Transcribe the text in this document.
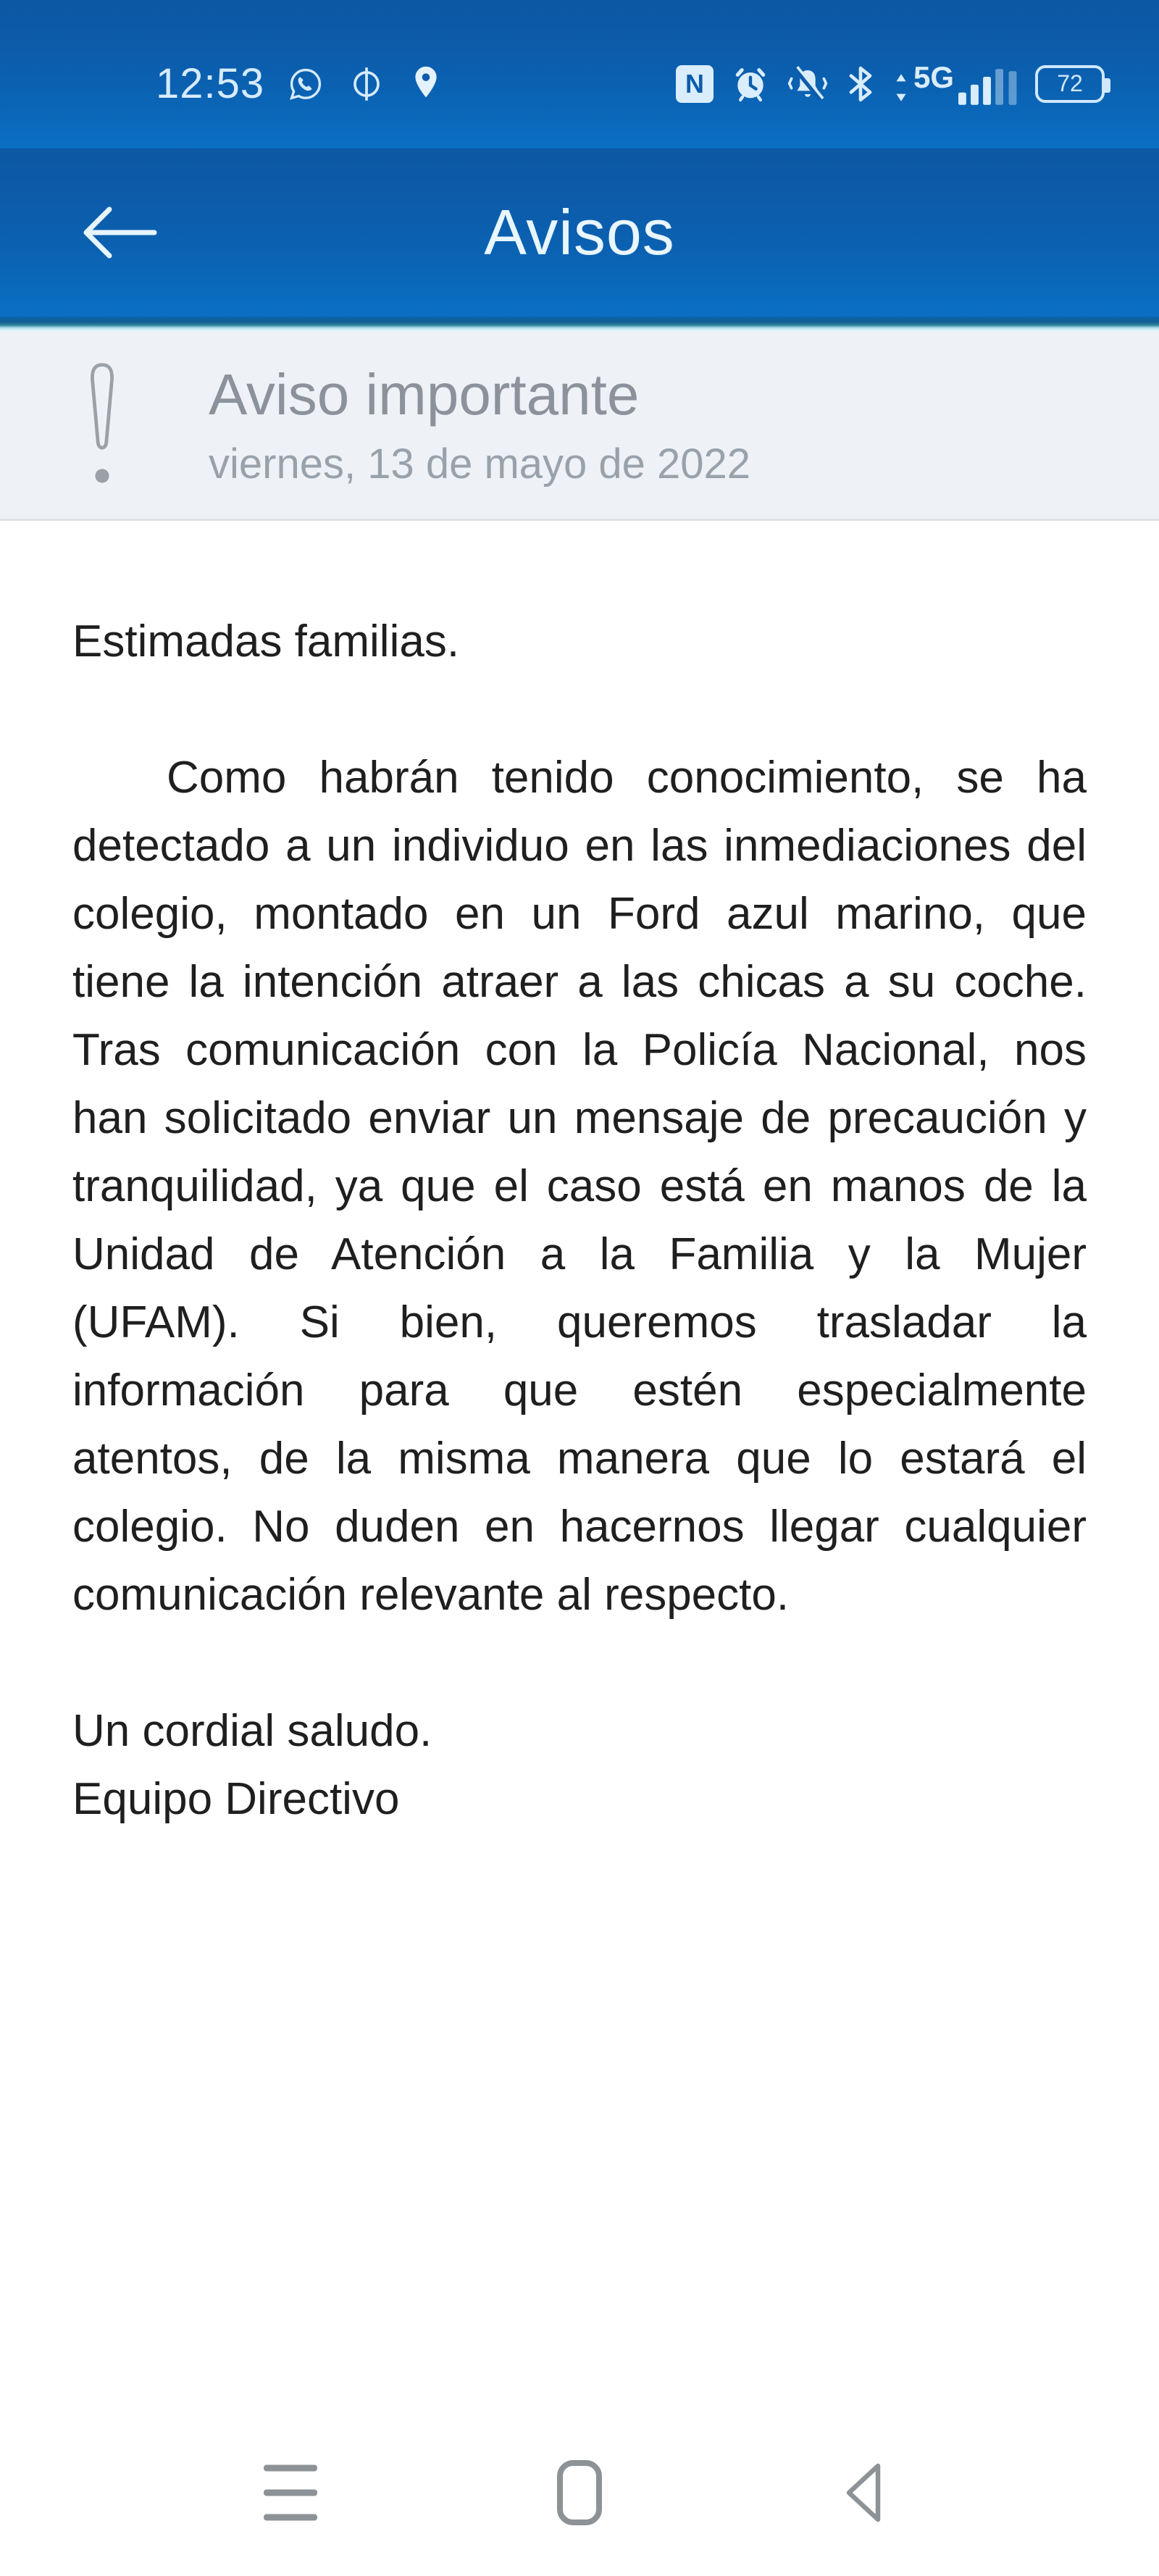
12:53	N	5G	72
Avisos
Aviso importante
viernes, 13 de mayo de 2022

Estimadas familias.

Como habrán tenido conocimiento, se ha detectado a un individuo en las inmediaciones del colegio, montado en un Ford azul marino, que tiene la intención atraer a las chicas a su coche. Tras comunicación con la Policía Nacional, nos han solicitado enviar un mensaje de precaución y tranquilidad, ya que el caso está en manos de la Unidad de Atención a la Familia y la Mujer (UFAM). Si bien, queremos trasladar la información para que estén especialmente atentos, de la misma manera que lo estará el colegio. No duden en hacernos llegar cualquier comunicación relevante al respecto.

Un cordial saludo.

Equipo Directivo
